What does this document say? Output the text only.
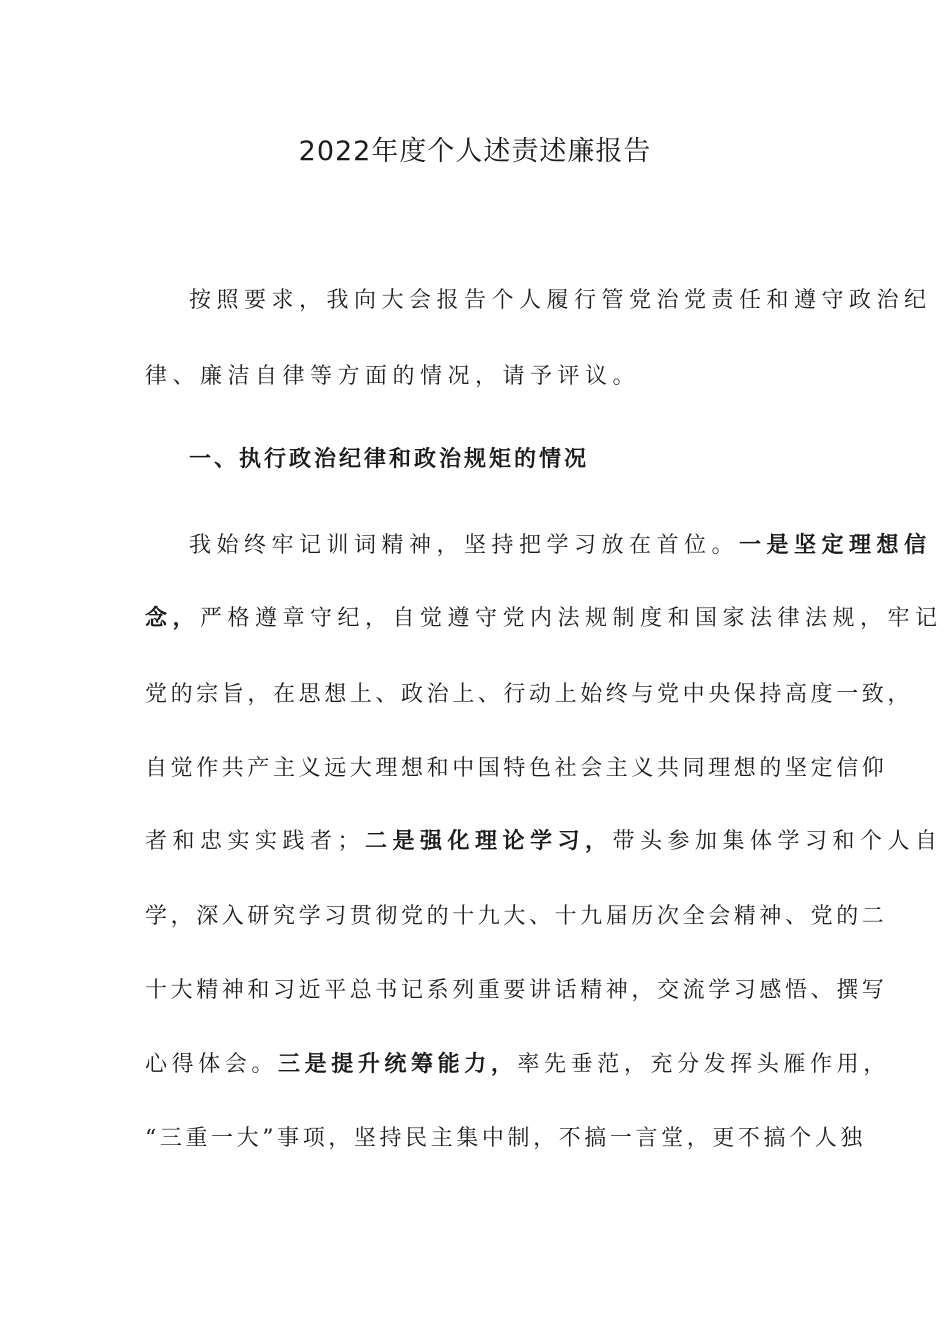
2022年度个人述责述廉报告
按照要求，我向大会报告个人履行管党治党责任和遵守政治纪
律、廉洁自律等方面的情况，请予评议。
一、执行政治纪律和政治规矩的情况
我始终牢记训词精神，坚持把学习放在首位。一是坚定理想信
念，严格遵章守纪，自觉遵守党内法规制度和国家法律法规，牢记
党的宗旨，在思想上、政治上、行动上始终与党中央保持高度一致，
自觉作共产主义远大理想和中国特色社会主义共同理想的坚定信仰
者和忠实实践者；二是强化理论学习，带头参加集体学习和个人自
学，深入研究学习贯彻党的十九大、十九届历次全会精神、党的二
十大精神和习近平总书记系列重要讲话精神，交流学习感悟、撰写
心得体会。三是提升统筹能力，率先垂范，充分发挥头雁作用，
“三重一大”事项，坚持民主集中制，不搞一言堂，更不搞个人独
